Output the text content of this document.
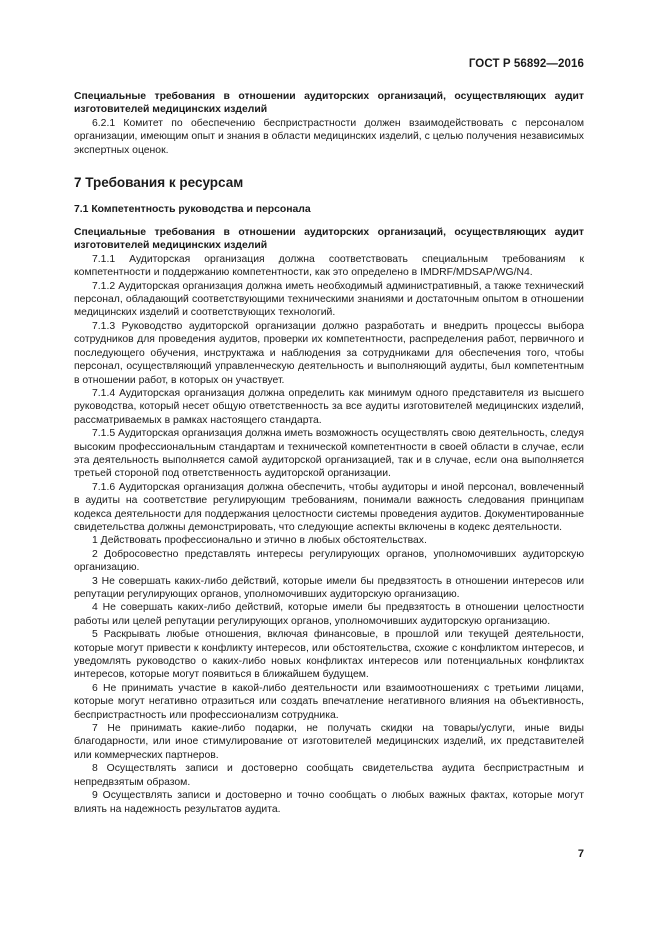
ГОСТ Р 56892—2016

Специальные требования в отношении аудиторских организаций, осуществляющих аудит изготовителей медицинских изделий

6.2.1 Комитет по обеспечению беспристрастности должен взаимодействовать с персоналом организации, имеющим опыт и знания в области медицинских изделий, с целью получения независимых экспертных оценок.

7 Требования к ресурсам
7.1 Компетентность руководства и персонала

Специальные требования в отношении аудиторских организаций, осуществляющих аудит изготовителей медицинских изделий

7.1.1 Аудиторская организация должна соответствовать специальным требованиям к компетентности и поддержанию компетентности, как это определено в IMDRF/MDSAP/WG/N4.

7.1.2 Аудиторская организация должна иметь необходимый административный, а также технический персонал, обладающий соответствующими техническими знаниями и достаточным опытом в отношении медицинских изделий и соответствующих технологий.

7.1.3 Руководство аудиторской организации должно разработать и внедрить процессы выбора сотрудников для проведения аудитов, проверки их компетентности, распределения работ, первичного и последующего обучения, инструктажа и наблюдения за сотрудниками для обеспечения того, чтобы персонал, осуществляющий управленческую деятельность и выполняющий аудиты, был компетентным в отношении работ, в которых он участвует.

7.1.4 Аудиторская организация должна определить как минимум одного представителя из высшего руководства, который несет общую ответственность за все аудиты изготовителей медицинских изделий, рассматриваемых в рамках настоящего стандарта.

7.1.5 Аудиторская организация должна иметь возможность осуществлять свою деятельность, следуя высоким профессиональным стандартам и технической компетентности в своей области в случае, если эта деятельность выполняется самой аудиторской организацией, так и в случае, если она выполняется третьей стороной под ответственность аудиторской организации.

7.1.6 Аудиторская организация должна обеспечить, чтобы аудиторы и иной персонал, вовлеченный в аудиты на соответствие регулирующим требованиям, понимали важность следования принципам кодекса деятельности для поддержания целостности системы проведения аудитов. Документированные свидетельства должны демонстрировать, что следующие аспекты включены в кодекс деятельности.

1 Действовать профессионально и этично в любых обстоятельствах.

2 Добросовестно представлять интересы регулирующих органов, уполномочивших аудиторскую организацию.

3 Не совершать каких-либо действий, которые имели бы предвзятость в отношении интересов или репутации регулирующих органов, уполномочивших аудиторскую организацию.

4 Не совершать каких-либо действий, которые имели бы предвзятость в отношении целостности работы или целей репутации регулирующих органов, уполномочивших аудиторскую организацию.

5 Раскрывать любые отношения, включая финансовые, в прошлой или текущей деятельности, которые могут привести к конфликту интересов, или обстоятельства, схожие с конфликтом интересов, и уведомлять руководство о каких-либо новых конфликтах интересов или потенциальных конфликтах интересов, которые могут появиться в ближайшем будущем.

6 Не принимать участие в какой-либо деятельности или взаимоотношениях с третьими лицами, которые могут негативно отразиться или создать впечатление негативного влияния на объективность, беспристрастность или профессионализм сотрудника.

7 Не принимать какие-либо подарки, не получать скидки на товары/услуги, иные виды благодарности, или иное стимулирование от изготовителей медицинских изделий, их представителей или коммерческих партнеров.

8 Осуществлять записи и достоверно сообщать свидетельства аудита беспристрастным и непредвзятым образом.

9 Осуществлять записи и достоверно и точно сообщать о любых важных фактах, которые могут влиять на надежность результатов аудита.

7
